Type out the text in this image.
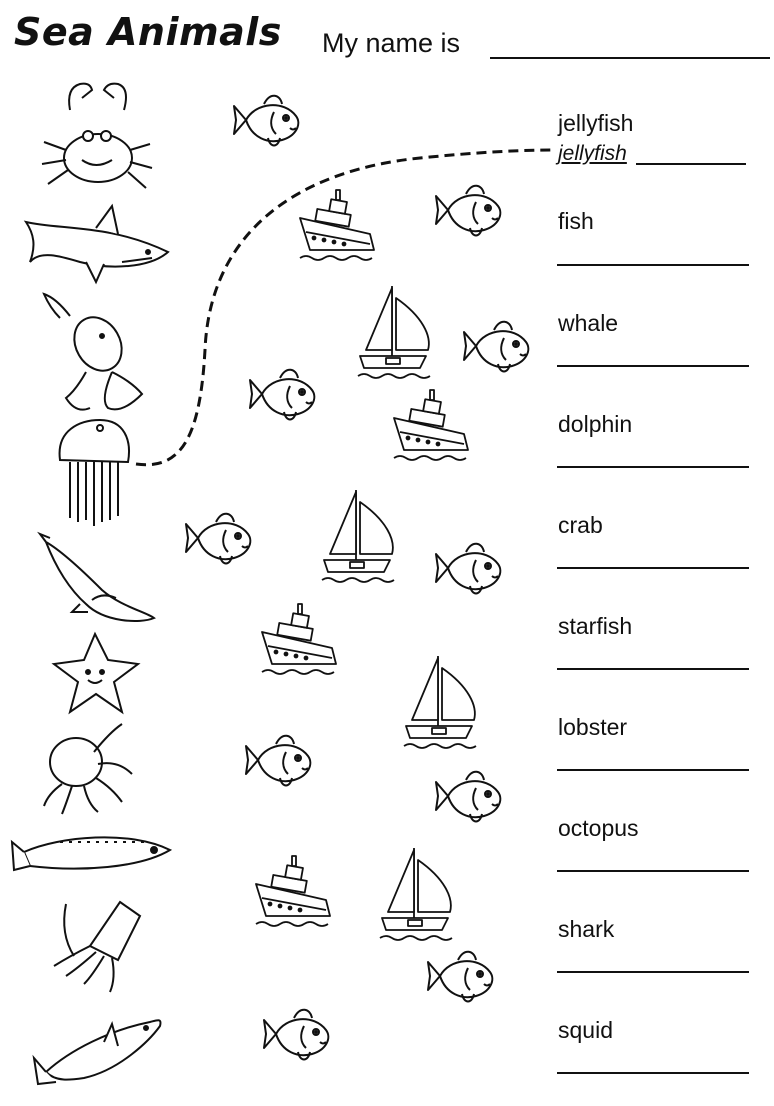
Sea Animals My name is
jellyfish
jellyfish
fish
whale
dolphin
crab
starfish
lobster
octopus
shark
squid
